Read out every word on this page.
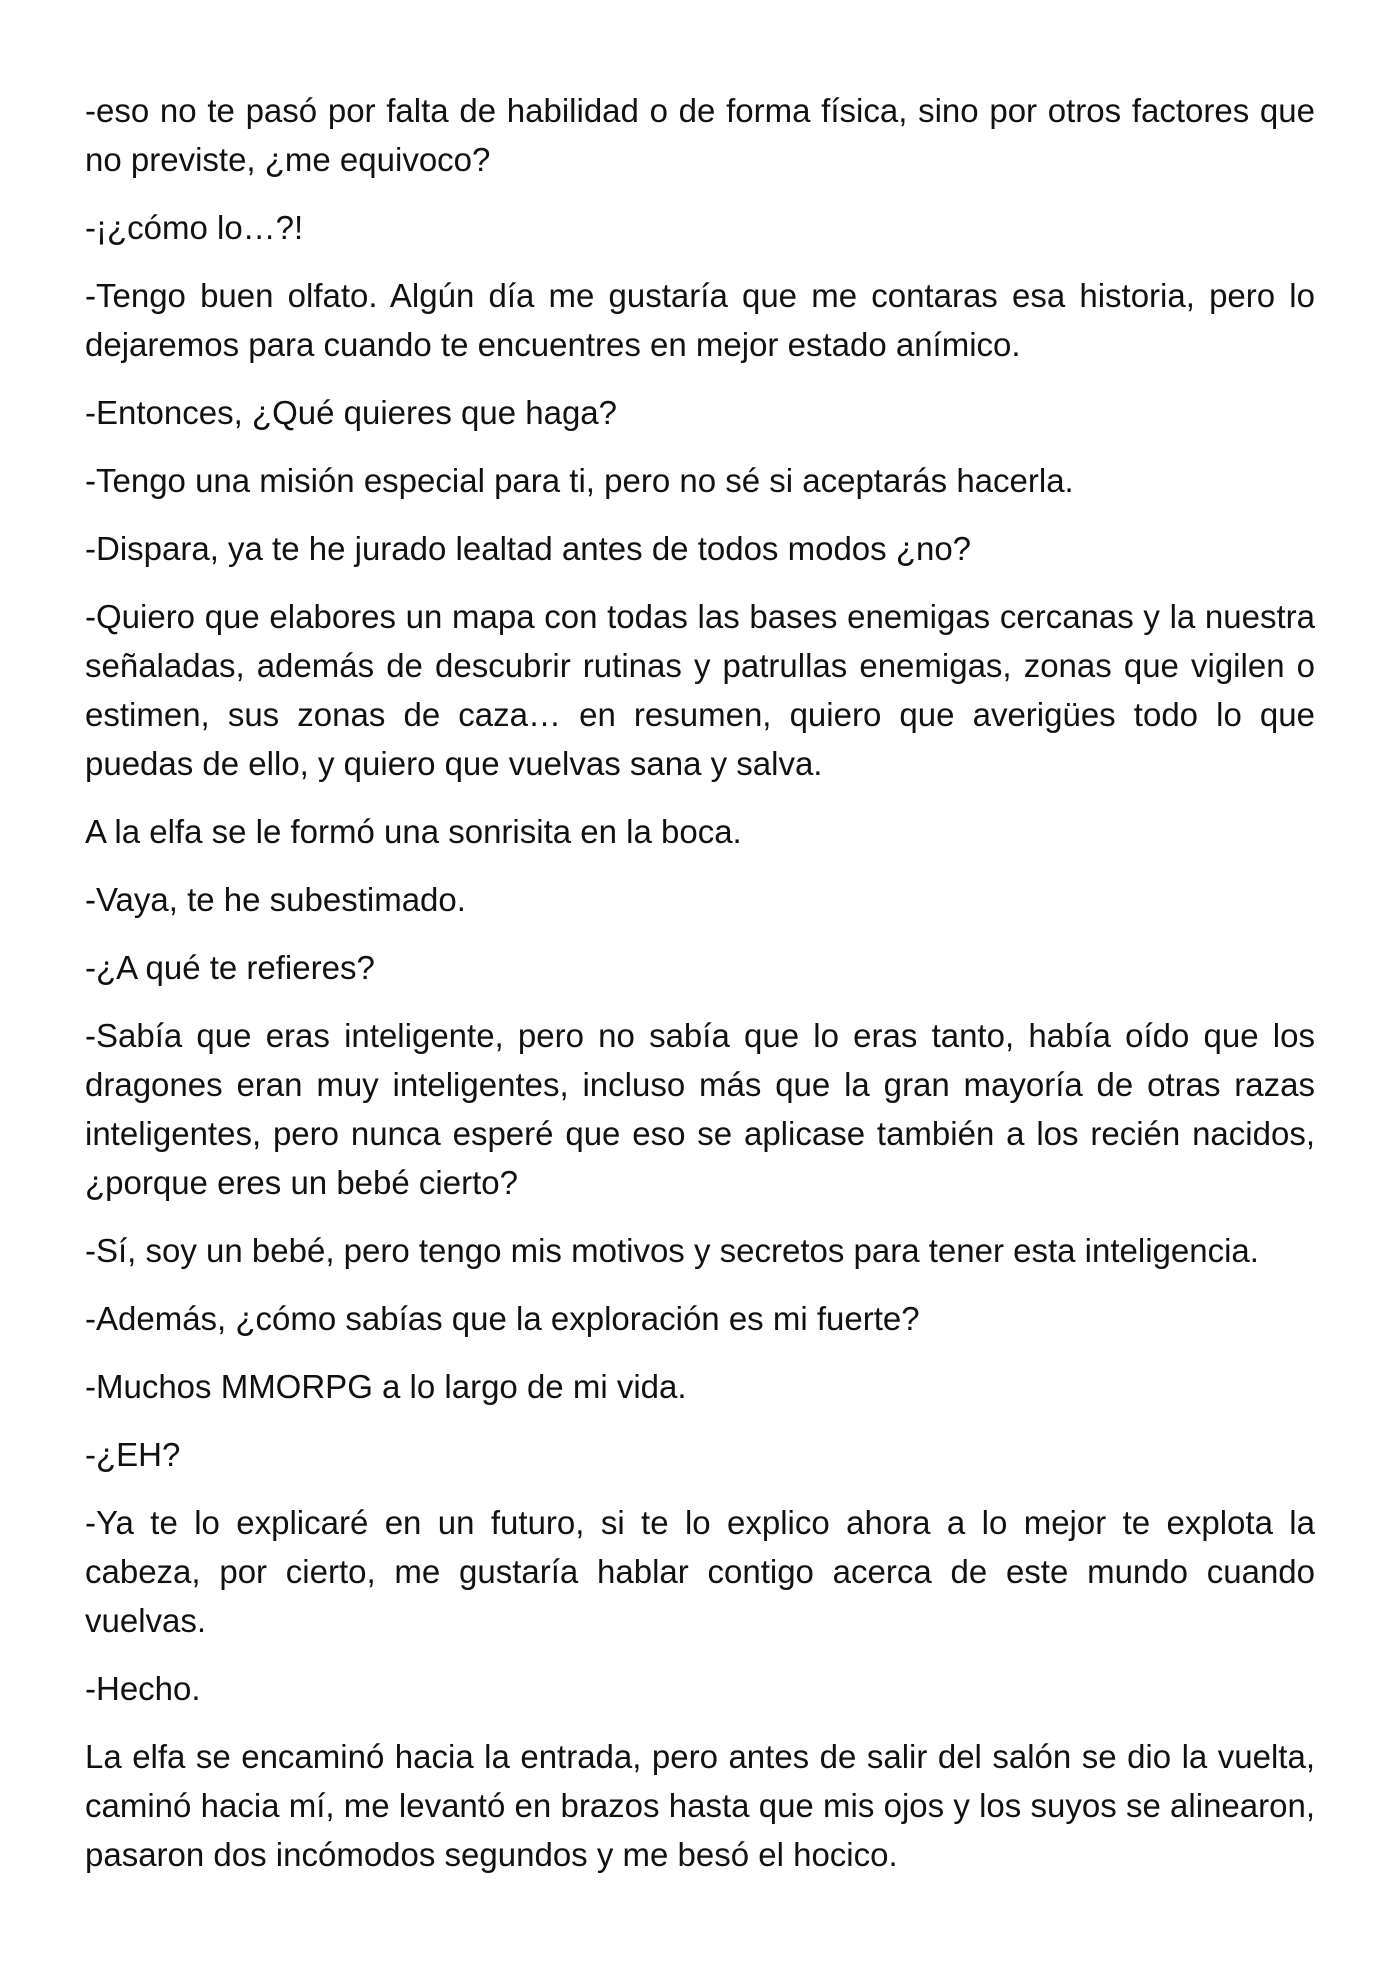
-eso no te pasó por falta de habilidad o de forma física, sino por otros factores que no previste, ¿me equivoco?

-¡¿cómo lo…?!

-Tengo buen olfato. Algún día me gustaría que me contaras esa historia, pero lo dejaremos para cuando te encuentres en mejor estado anímico.

-Entonces, ¿Qué quieres que haga?

-Tengo una misión especial para ti, pero no sé si aceptarás hacerla.

-Dispara, ya te he jurado lealtad antes de todos modos ¿no?

-Quiero que elabores un mapa con todas las bases enemigas cercanas y la nuestra señaladas, además de descubrir rutinas y patrullas enemigas, zonas que vigilen o estimen, sus zonas de caza… en resumen, quiero que averigües todo lo que puedas de ello, y quiero que vuelvas sana y salva.

A la elfa se le formó una sonrisita en la boca.

-Vaya, te he subestimado.

-¿A qué te refieres?

-Sabía que eras inteligente, pero no sabía que lo eras tanto, había oído que los dragones eran muy inteligentes, incluso más que la gran mayoría de otras razas inteligentes, pero nunca esperé que eso se aplicase también a los recién nacidos, ¿porque eres un bebé cierto?

-Sí, soy un bebé, pero tengo mis motivos y secretos para tener esta inteligencia.

-Además, ¿cómo sabías que la exploración es mi fuerte?

-Muchos MMORPG a lo largo de mi vida.

-¿EH?

-Ya te lo explicaré en un futuro, si te lo explico ahora a lo mejor te explota la cabeza, por cierto, me gustaría hablar contigo acerca de este mundo cuando vuelvas.

-Hecho.

La elfa se encaminó hacia la entrada, pero antes de salir del salón se dio la vuelta, caminó hacia mí, me levantó en brazos hasta que mis ojos y los suyos se alinearon, pasaron dos incómodos segundos y me besó el hocico.
